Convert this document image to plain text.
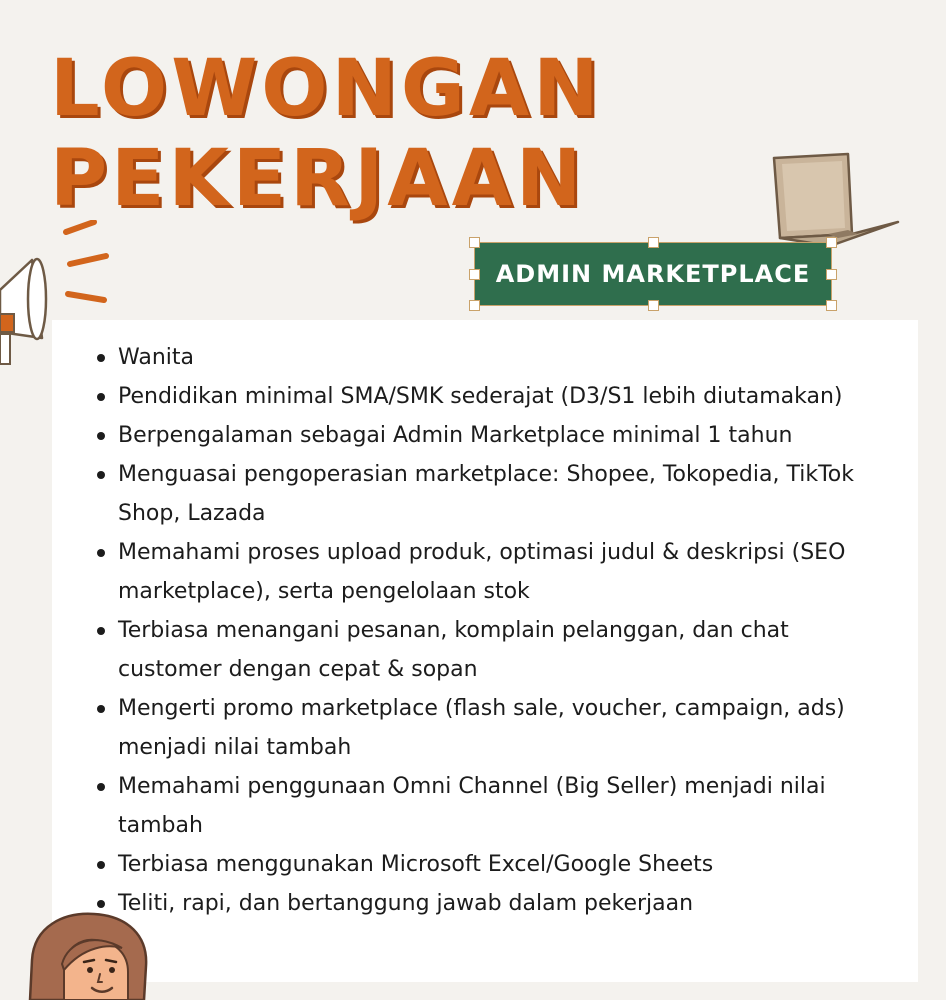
LOWONGAN
PEKERJAAN
ADMIN MARKETPLACE
Wanita
Pendidikan minimal SMA/SMK sederajat (D3/S1 lebih diutamakan)
Berpengalaman sebagai Admin Marketplace minimal 1 tahun
Menguasai pengoperasian marketplace: Shopee, Tokopedia, TikTok Shop, Lazada
Memahami proses upload produk, optimasi judul & deskripsi (SEO marketplace), serta pengelolaan stok
Terbiasa menangani pesanan, komplain pelanggan, dan chat customer dengan cepat & sopan
Mengerti promo marketplace (flash sale, voucher, campaign, ads) menjadi nilai tambah
Memahami penggunaan Omni Channel (Big Seller) menjadi nilai tambah
Terbiasa menggunakan Microsoft Excel/Google Sheets
Teliti, rapi, dan bertanggung jawab dalam pekerjaan
